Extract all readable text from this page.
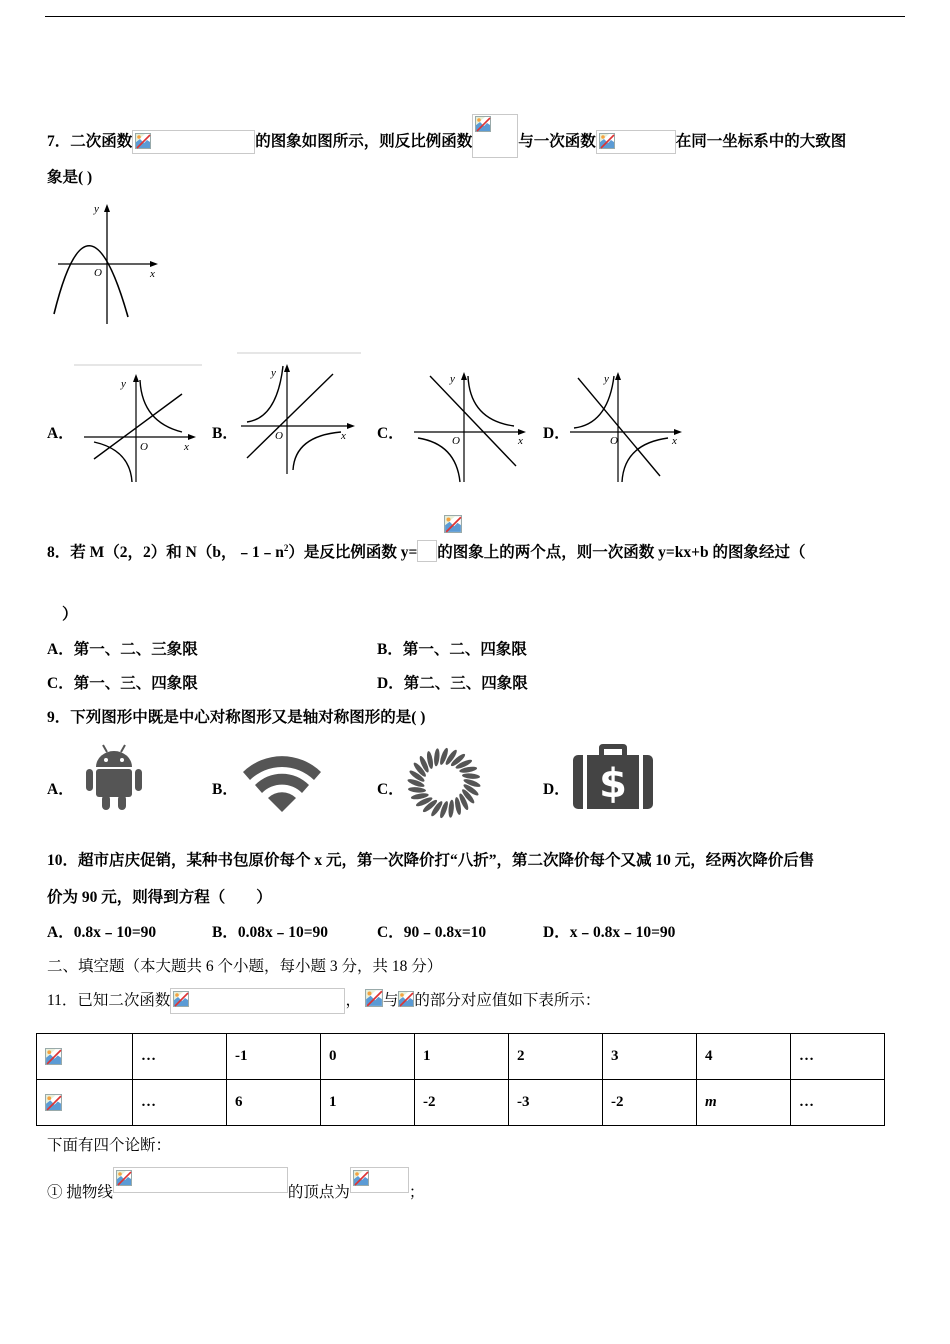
7．二次函数	的图象如图所示，则反比例函数	与一次函数	在同一坐标系中的大致图
象是( )
y
O	x
A．
y
O	x
B．
y
O	x C．
y
O	x D．
y
O	x
8．若 M（2，2）和 N（b，$﹣1﹣n^2$）是反比例函数 y= 的图象上的两个点，则一次函数 y=kx+b 的图象经过（
）
A．第一、二、三象限	B．第一、二、四象限
C．第一、三、四象限	D．第二、三、四象限
9．下列图形中既是中心对称图形又是轴对称图形的是( )
A．	B．	C．	D． $
10．超市店庆促销，某种书包原价每个 x 元，第一次降价打“八折”，第二次降价每个又减 10 元，经两次降价后售
价为 90 元，则得到方程（　　）
A．0.8x﹣10=90	B．0.08x﹣10=90	C．90﹣0.8x=10	D．x﹣0.8x﹣10=90
二、填空题（本大题共 6 个小题，每小题 3 分，共 18 分）
11．已知二次函数	， 与 的部分对应值如下表所示：
	…	-1	0	1	2	3	4	…
	…	6	1	-2	-3	-2	m	…
下面有四个论断：
① 抛物线	的顶点为	；
